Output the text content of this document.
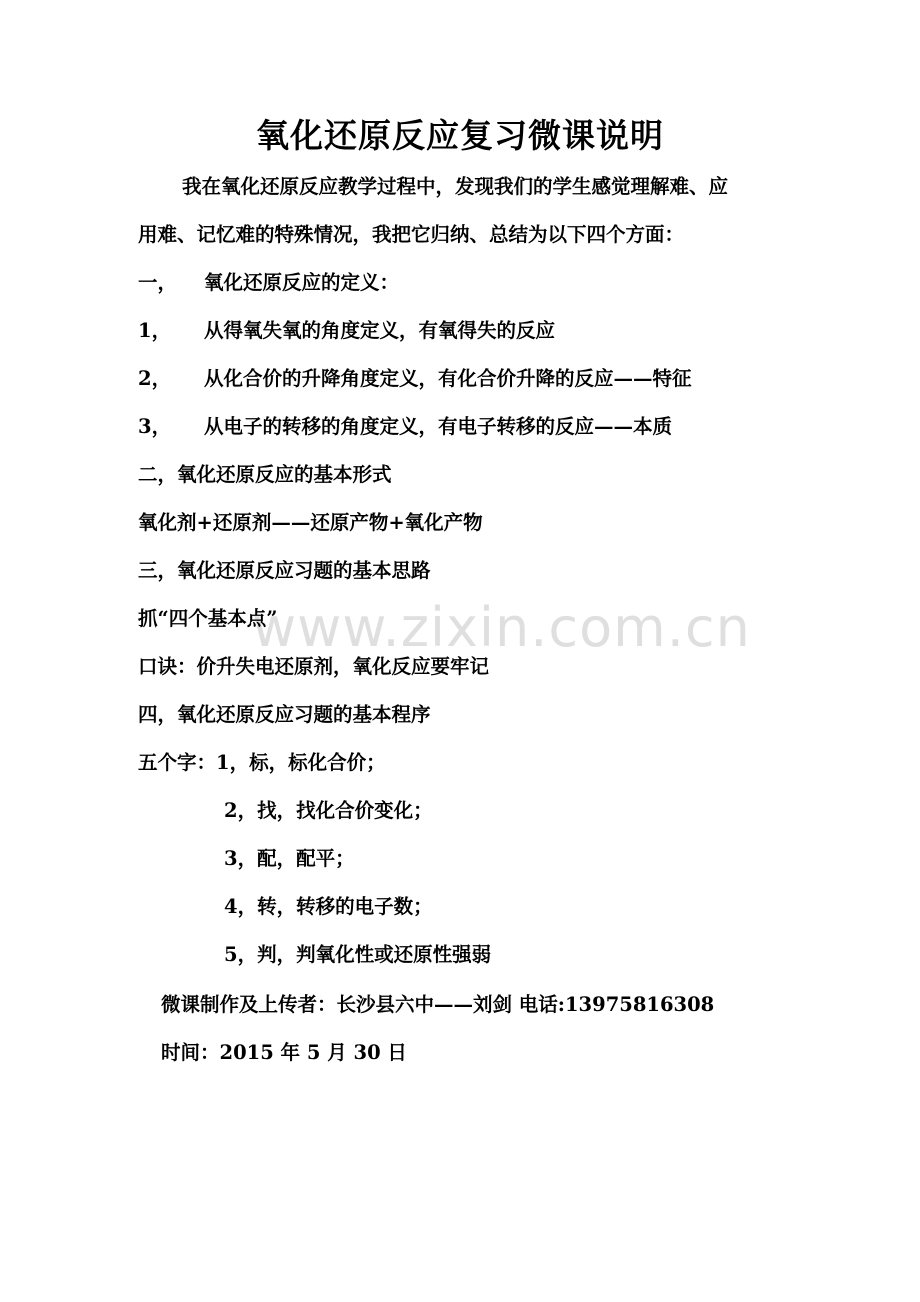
氧化还原反应复习微课说明
我在氧化还原反应教学过程中，发现我们的学生感觉理解难、应
用难、记忆难的特殊情况，我把它归纳、总结为以下四个方面：
一， 氧化还原反应的定义：
1， 从得氧失氧的角度定义，有氧得失的反应
2， 从化合价的升降角度定义，有化合价升降的反应——特征
3， 从电子的转移的角度定义，有电子转移的反应——本质
二，氧化还原反应的基本形式
氧化剂+还原剂——还原产物+氧化产物
三，氧化还原反应习题的基本思路
抓“四个基本点”
口诀：价升失电还原剂，氧化反应要牢记
四，氧化还原反应习题的基本程序
五个字：1，标，标化合价；
2，找，找化合价变化；
3，配，配平；
4，转，转移的电子数；
5，判，判氧化性或还原性强弱
微课制作及上传者：长沙县六中——刘剑 电话:13975816308
时间：2015 年 5 月 30 日
www.zixin.com.cn
